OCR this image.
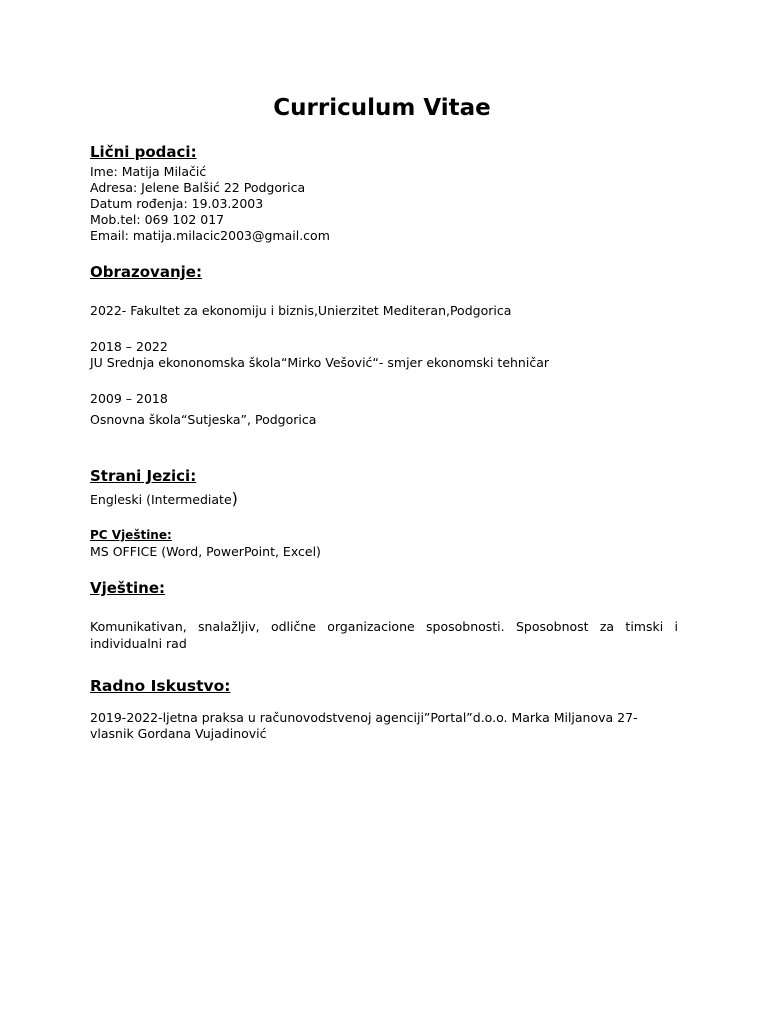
Curriculum Vitae
Lični podaci:
Ime: Matija Milačić
Adresa: Jelene Balšić 22 Podgorica
Datum rođenja: 19.03.2003
Mob.tel: 069 102 017
Email: matija.milacic2003@gmail.com
Obrazovanje:
2022- Fakultet za ekonomiju i biznis,Unierzitet Mediteran,Podgorica
2018 – 2022
JU Srednja ekononomska škola“Mirko Vešović“- smjer ekonomski tehničar
2009 – 2018
Osnovna škola“Sutjeska”, Podgorica
Strani Jezici:
Engleski (Intermediate)
PC Vještine:
MS OFFICE (Word, PowerPoint, Excel)
Vještine:
Komunikativan, snalažljiv, odlične organizacione sposobnosti. Sposobnost za timski i
individualni rad
Radno Iskustvo:
2019-2022-ljetna praksa u računovodstvenoj agenciji”Portal”d.o.o. Marka Miljanova 27-
vlasnik Gordana Vujadinović
